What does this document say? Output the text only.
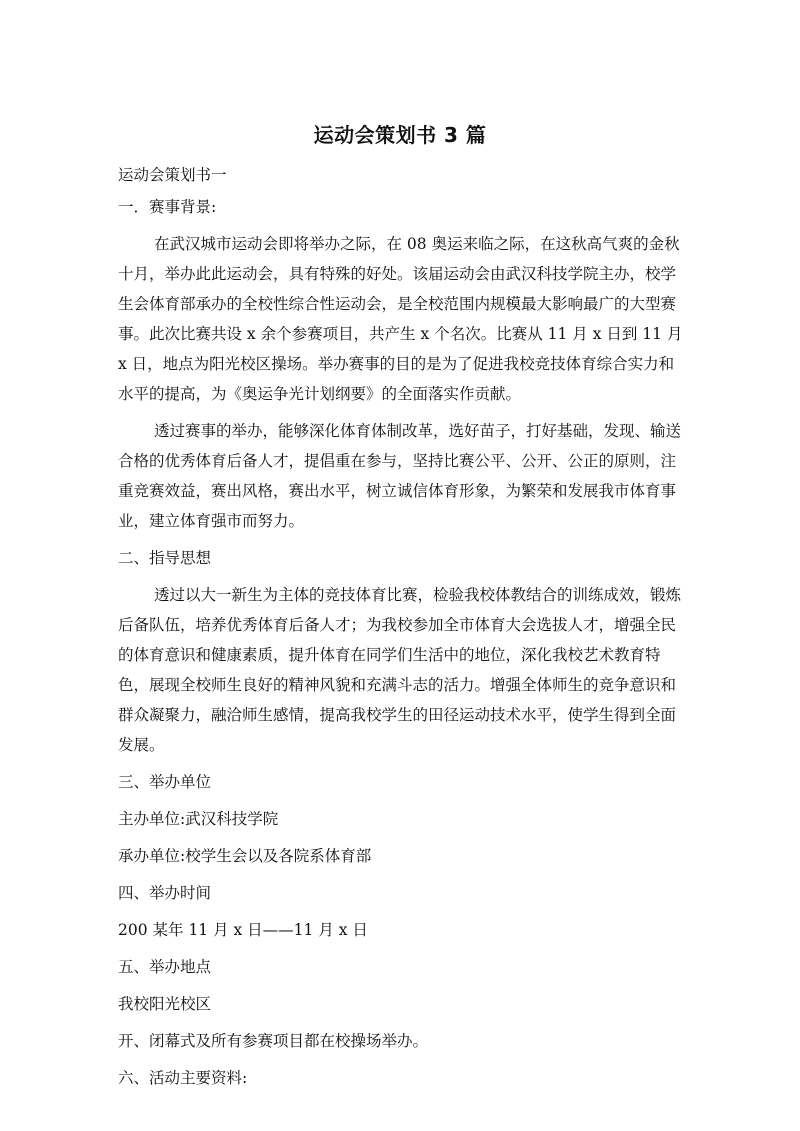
运动会策划书 3 篇

运动会策划书一

一．赛事背景:

在武汉城市运动会即将举办之际，在 08 奥运来临之际，在这秋高气爽的金秋十月，举办此此运动会，具有特殊的好处。该届运动会由武汉科技学院主办，校学生会体育部承办的全校性综合性运动会，是全校范围内规模最大影响最广的大型赛事。此次比赛共设 x 余个参赛项目，共产生 x 个名次。比赛从 11 月 x 日到 11 月 x 日，地点为阳光校区操场。举办赛事的目的是为了促进我校竞技体育综合实力和水平的提高，为《奥运争光计划纲要》的全面落实作贡献。

透过赛事的举办，能够深化体育体制改革，选好苗子，打好基础，发现、输送合格的优秀体育后备人才，提倡重在参与，坚持比赛公平、公开、公正的原则，注重竞赛效益，赛出风格，赛出水平，树立诚信体育形象，为繁荣和发展我市体育事业，建立体育强市而努力。

二、指导思想

透过以大一新生为主体的竞技体育比赛，检验我校体教结合的训练成效，锻炼后备队伍，培养优秀体育后备人才；为我校参加全市体育大会选拔人才，增强全民的体育意识和健康素质，提升体育在同学们生活中的地位，深化我校艺术教育特色，展现全校师生良好的精神风貌和充满斗志的活力。增强全体师生的竞争意识和群众凝聚力，融洽师生感情，提高我校学生的田径运动技术水平，使学生得到全面发展。

三、举办单位

主办单位:武汉科技学院

承办单位:校学生会以及各院系体育部

四、举办时间

200 某年 11 月 x 日——11 月 x 日

五、举办地点

我校阳光校区

开、闭幕式及所有参赛项目都在校操场举办。

六、活动主要资料:
